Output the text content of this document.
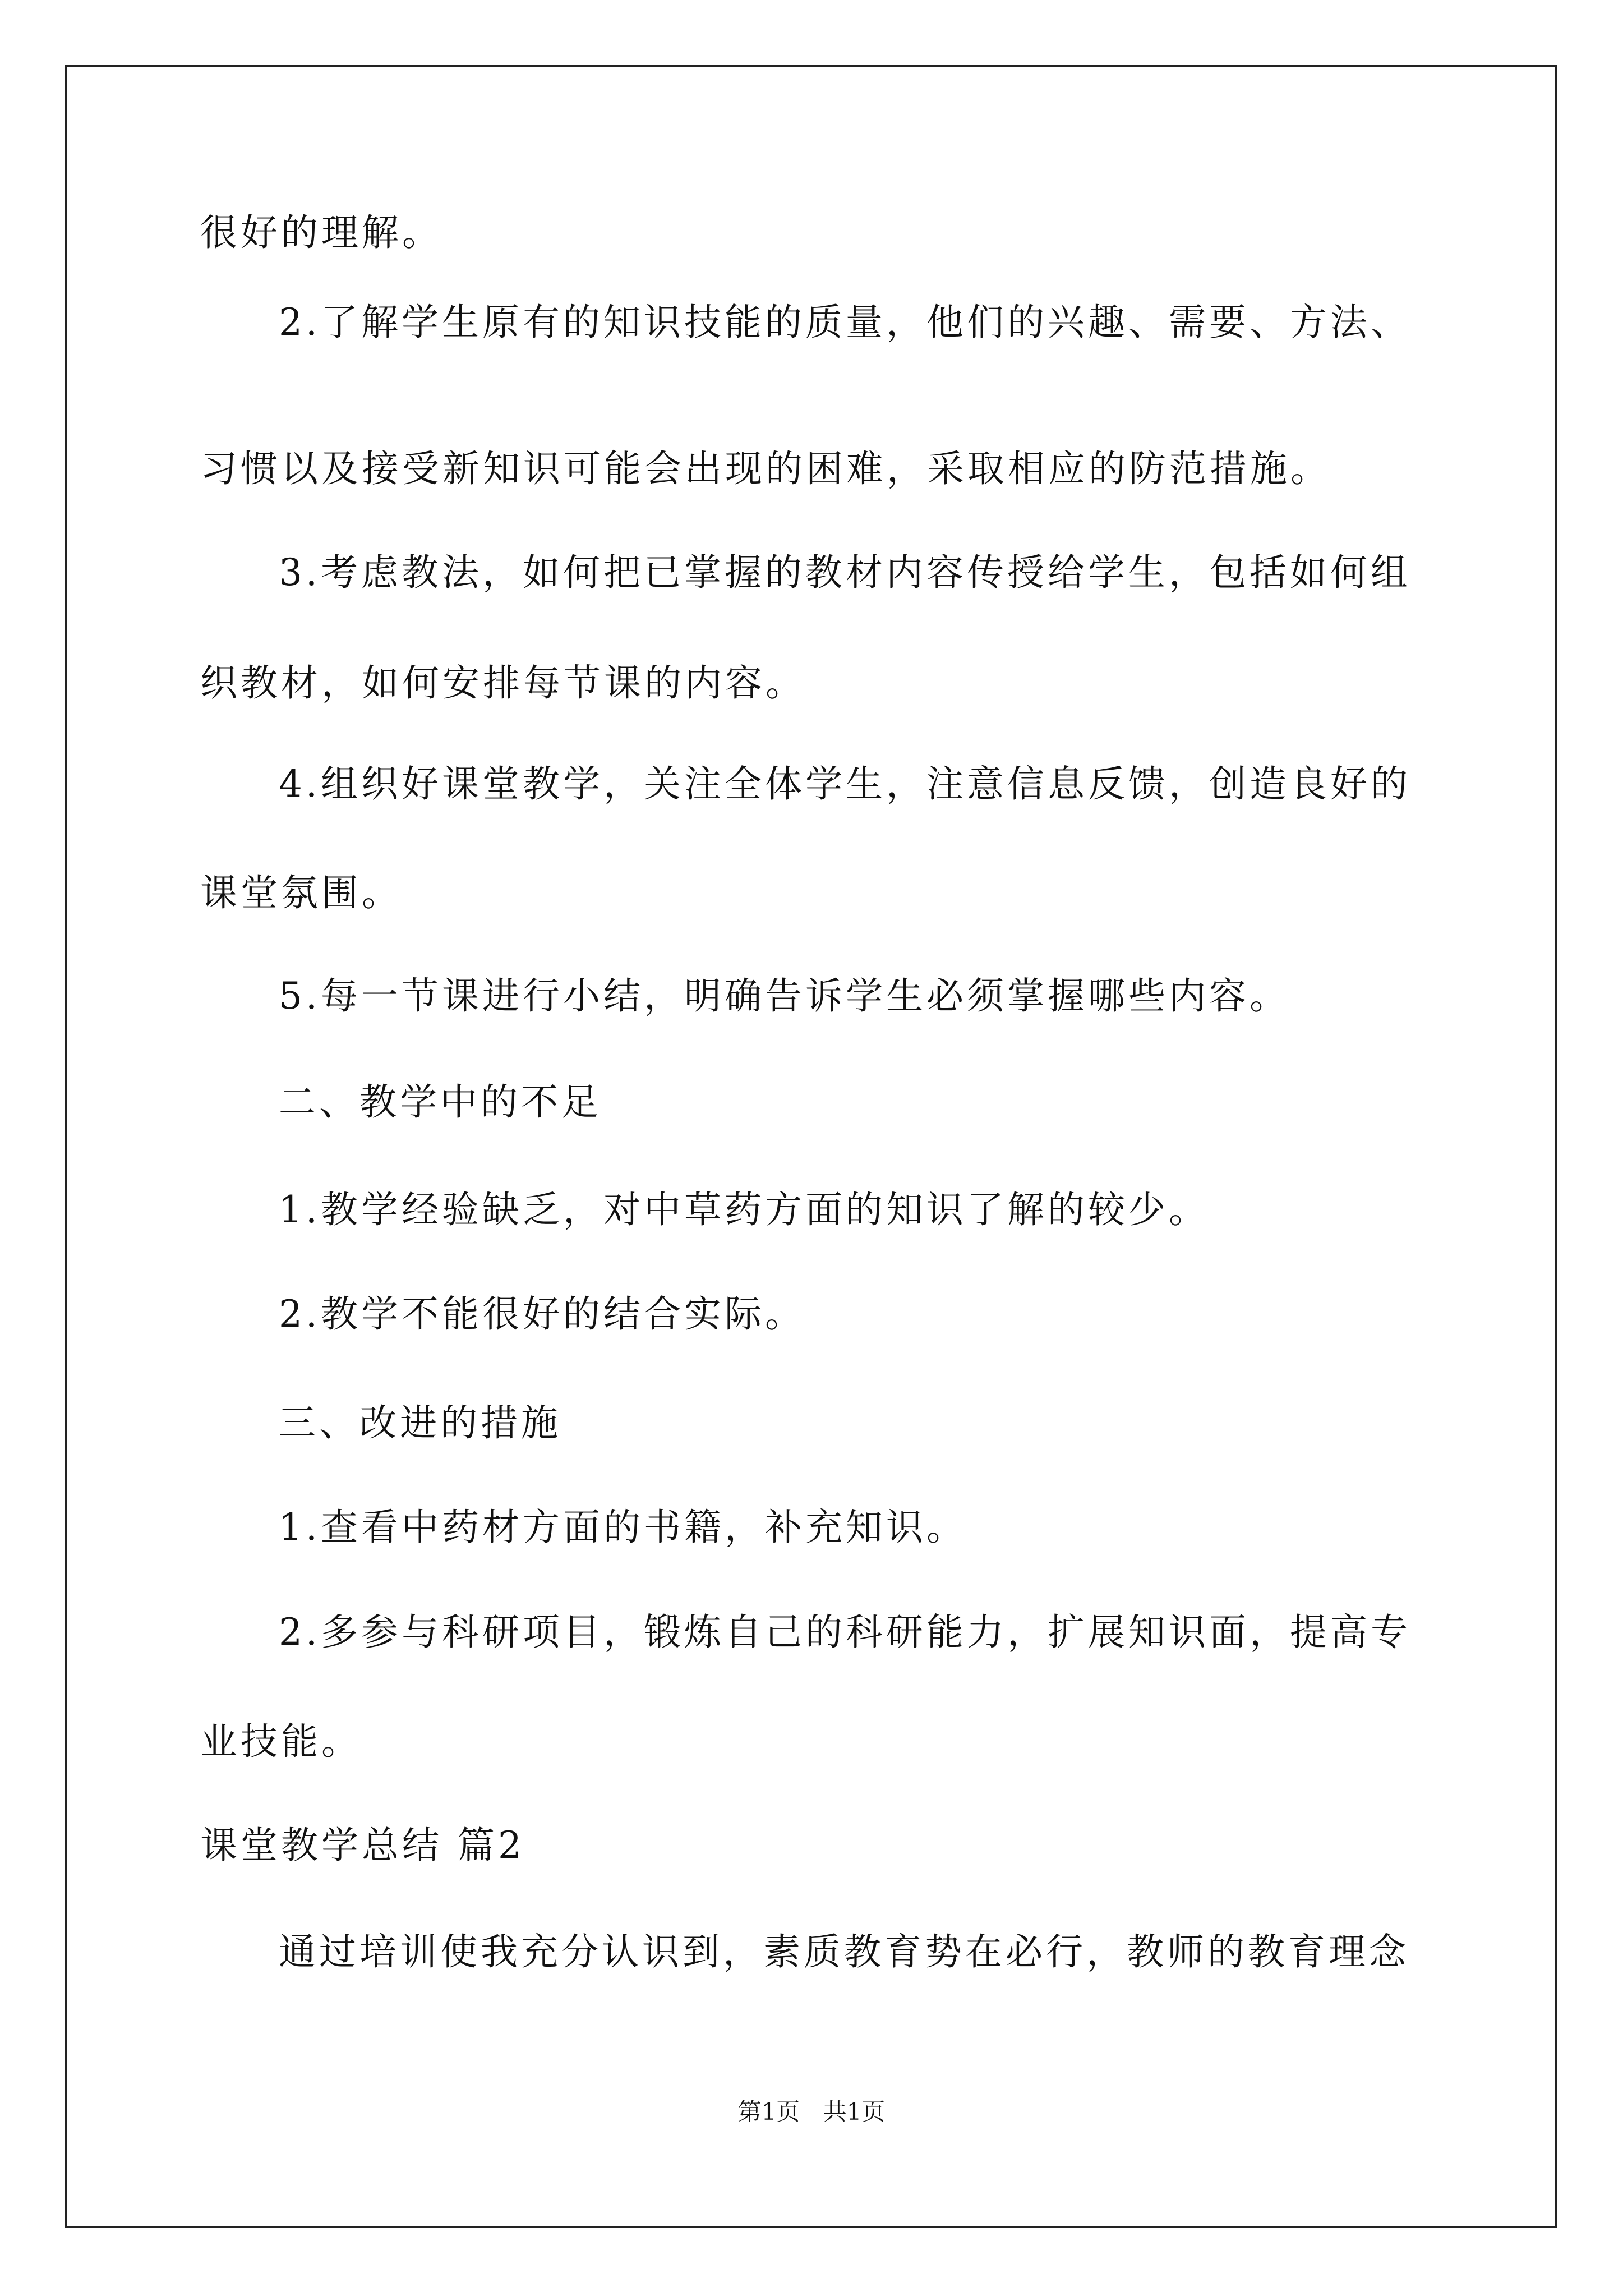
很好的理解。
2.了解学生原有的知识技能的质量，他们的兴趣、需要、方法、
习惯以及接受新知识可能会出现的困难，采取相应的防范措施。
3.考虑教法，如何把已掌握的教材内容传授给学生，包括如何组
织教材，如何安排每节课的内容。
4.组织好课堂教学，关注全体学生，注意信息反馈，创造良好的
课堂氛围。
5.每一节课进行小结，明确告诉学生必须掌握哪些内容。
二、教学中的不足
1.教学经验缺乏，对中草药方面的知识了解的较少。
2.教学不能很好的结合实际。
三、改进的措施
1.查看中药材方面的书籍，补充知识。
2.多参与科研项目，锻炼自己的科研能力，扩展知识面，提高专
业技能。
课堂教学总结 篇2
通过培训使我充分认识到，素质教育势在必行，教师的教育理念
第1页 共1页
